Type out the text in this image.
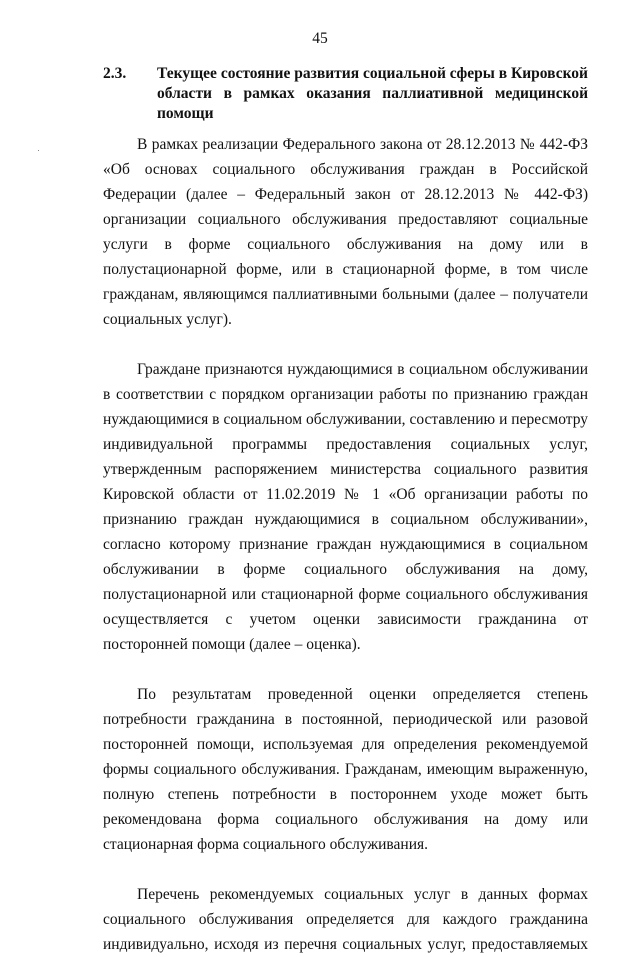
45
2.3.	Текущее состояние развития социальной сферы в Кировской области в рамках оказания паллиативной медицинской помощи

В рамках реализации Федерального закона от 28.12.2013 № 442-ФЗ «Об основах социального обслуживания граждан в Российской Федерации (далее – Федеральный закон от 28.12.2013 № 442-ФЗ) организации социального обслуживания предоставляют социальные услуги в форме социального обслуживания на дому или в полустационарной форме, или в стационарной форме, в том числе гражданам, являющимся паллиативными больными (далее – получатели социальных услуг).

Граждане признаются нуждающимися в социальном обслуживании в соответствии с порядком организации работы по признанию граждан нуждающимися в социальном обслуживании, составлению и пересмотру индивидуальной программы предоставления социальных услуг, утвержденным распоряжением министерства социального развития Кировской области от 11.02.2019 № 1 «Об организации работы по признанию граждан нуждающимися в социальном обслуживании», согласно которому признание граждан нуждающимися в социальном обслуживании в форме социального обслуживания на дому, полустационарной или стационарной форме социального обслуживания осуществляется с учетом оценки зависимости гражданина от посторонней помощи (далее – оценка).

По результатам проведенной оценки определяется степень потребности гражданина в постоянной, периодической или разовой посторонней помощи, используемая для определения рекомендуемой формы социального обслуживания. Гражданам, имеющим выраженную, полную степень потребности в постороннем уходе может быть рекомендована форма социального обслуживания на дому или стационарная форма социального обслуживания.

Перечень рекомендуемых социальных услуг в данных формах социального обслуживания определяется для каждого гражданина индивидуально, исходя из перечня социальных услуг, предоставляемых
